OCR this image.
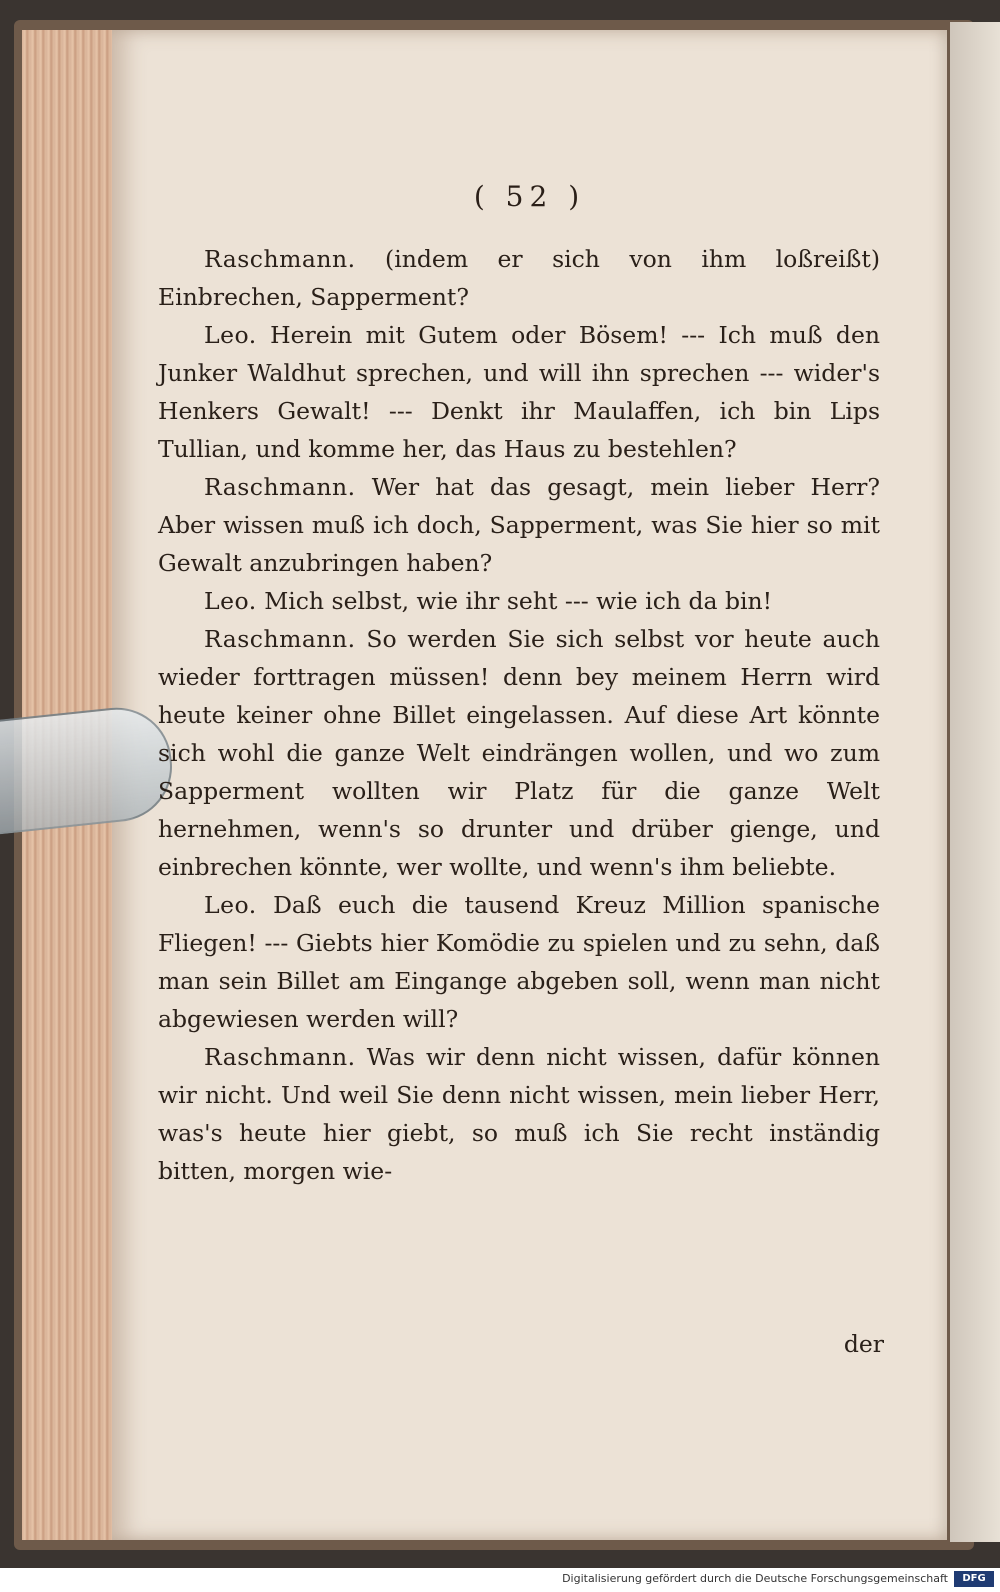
( 52 )

Raschmann. (indem er sich von ihm loßreißt) Einbrechen, Sapperment?

Leo. Herein mit Gutem oder Bösem! --- Ich muß den Junker Waldhut sprechen, und will ihn sprechen --- wider's Henkers Gewalt! --- Denkt ihr Maulaffen, ich bin Lips Tullian, und komme her, das Haus zu bestehlen?

Raschmann. Wer hat das gesagt, mein lieber Herr? Aber wissen muß ich doch, Sapperment, was Sie hier so mit Gewalt anzubringen haben?

Leo. Mich selbst, wie ihr seht --- wie ich da bin!

Raschmann. So werden Sie sich selbst vor heute auch wieder forttragen müssen! denn bey meinem Herrn wird heute keiner ohne Billet eingelassen. Auf diese Art könnte sich wohl die ganze Welt eindrängen wollen, und wo zum Sapperment wollten wir Platz für die ganze Welt hernehmen, wenn's so drunter und drüber gienge, und einbrechen könnte, wer wollte, und wenn's ihm beliebte.

Leo. Daß euch die tausend Kreuz Million spanische Fliegen! --- Giebts hier Komödie zu spielen und zu sehn, daß man sein Billet am Eingange abgeben soll, wenn man nicht abgewiesen werden will?

Raschmann. Was wir denn nicht wissen, dafür können wir nicht. Und weil Sie denn nicht wissen, mein lieber Herr, was's heute hier giebt, so muß ich Sie recht inständig bitten, morgen wie-

der
Digitalisierung gefördert durch die Deutsche Forschungsgemeinschaft	DFG
